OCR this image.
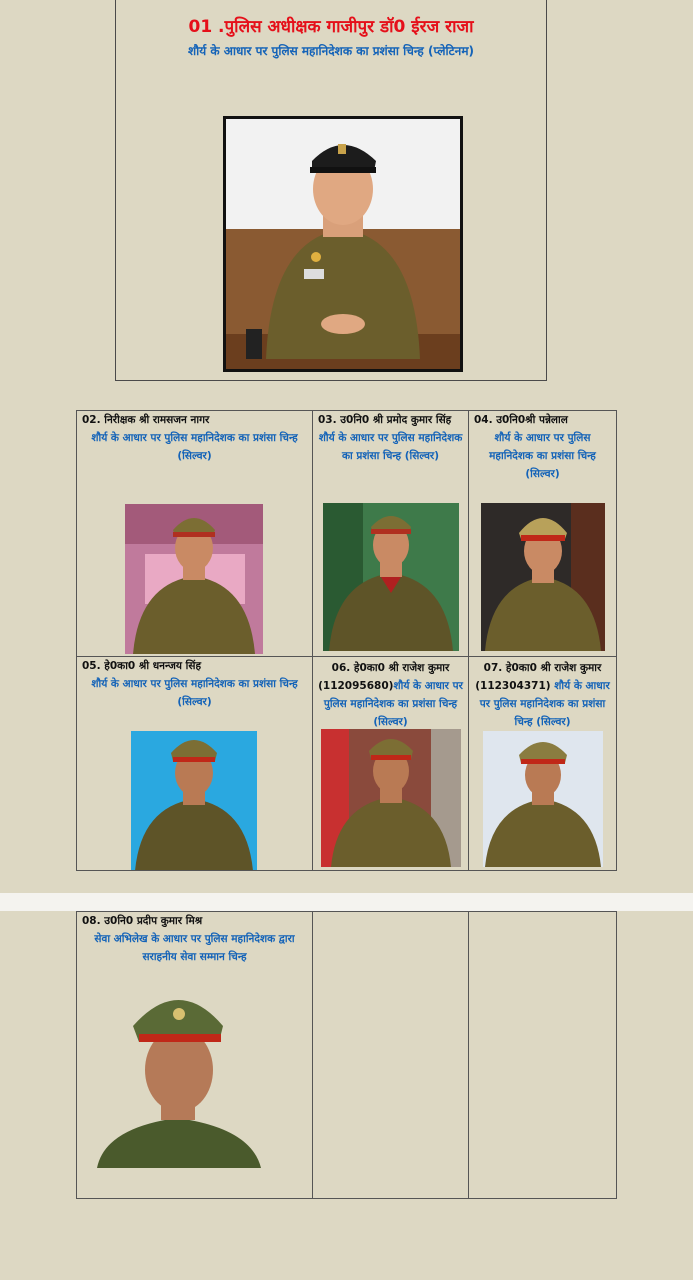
01 .पुलिस अधीक्षक गाजीपुर डॉ0 ईरज राजा
शौर्य के आधार पर पुलिस महानिदेशक का प्रशंसा चिन्ह (प्लेटिनम)
02. निरीक्षक श्री रामसजन नागर
शौर्य के आधार पर पुलिस महानिदेशक का प्रशंसा चिन्ह (सिल्वर)
03. उ0नि0 श्री प्रमोद कुमार सिंह
शौर्य के आधार पर पुलिस महानिदेशक का प्रशंसा चिन्ह (सिल्वर)
04. उ0नि0श्री पन्नेलाल
शौर्य के आधार पर पुलिस महानिदेशक का प्रशंसा चिन्ह (सिल्वर)
05. हे0का0 श्री धनन्जय सिंह
शौर्य के आधार पर पुलिस महानिदेशक का प्रशंसा चिन्ह (सिल्वर)
06. हे0का0 श्री राजेश कुमार
(112095680)शौर्य के आधार पर पुलिस महानिदेशक का प्रशंसा चिन्ह (सिल्वर)
07. हे0का0 श्री राजेश कुमार
(112304371) शौर्य के आधार पर पुलिस महानिदेशक का प्रशंसा चिन्ह (सिल्वर)
08. उ0नि0 प्रदीप कुमार मिश्र
सेवा अभिलेख के आधार पर पुलिस महानिदेशक द्वारा सराहनीय सेवा सम्मान चिन्ह
